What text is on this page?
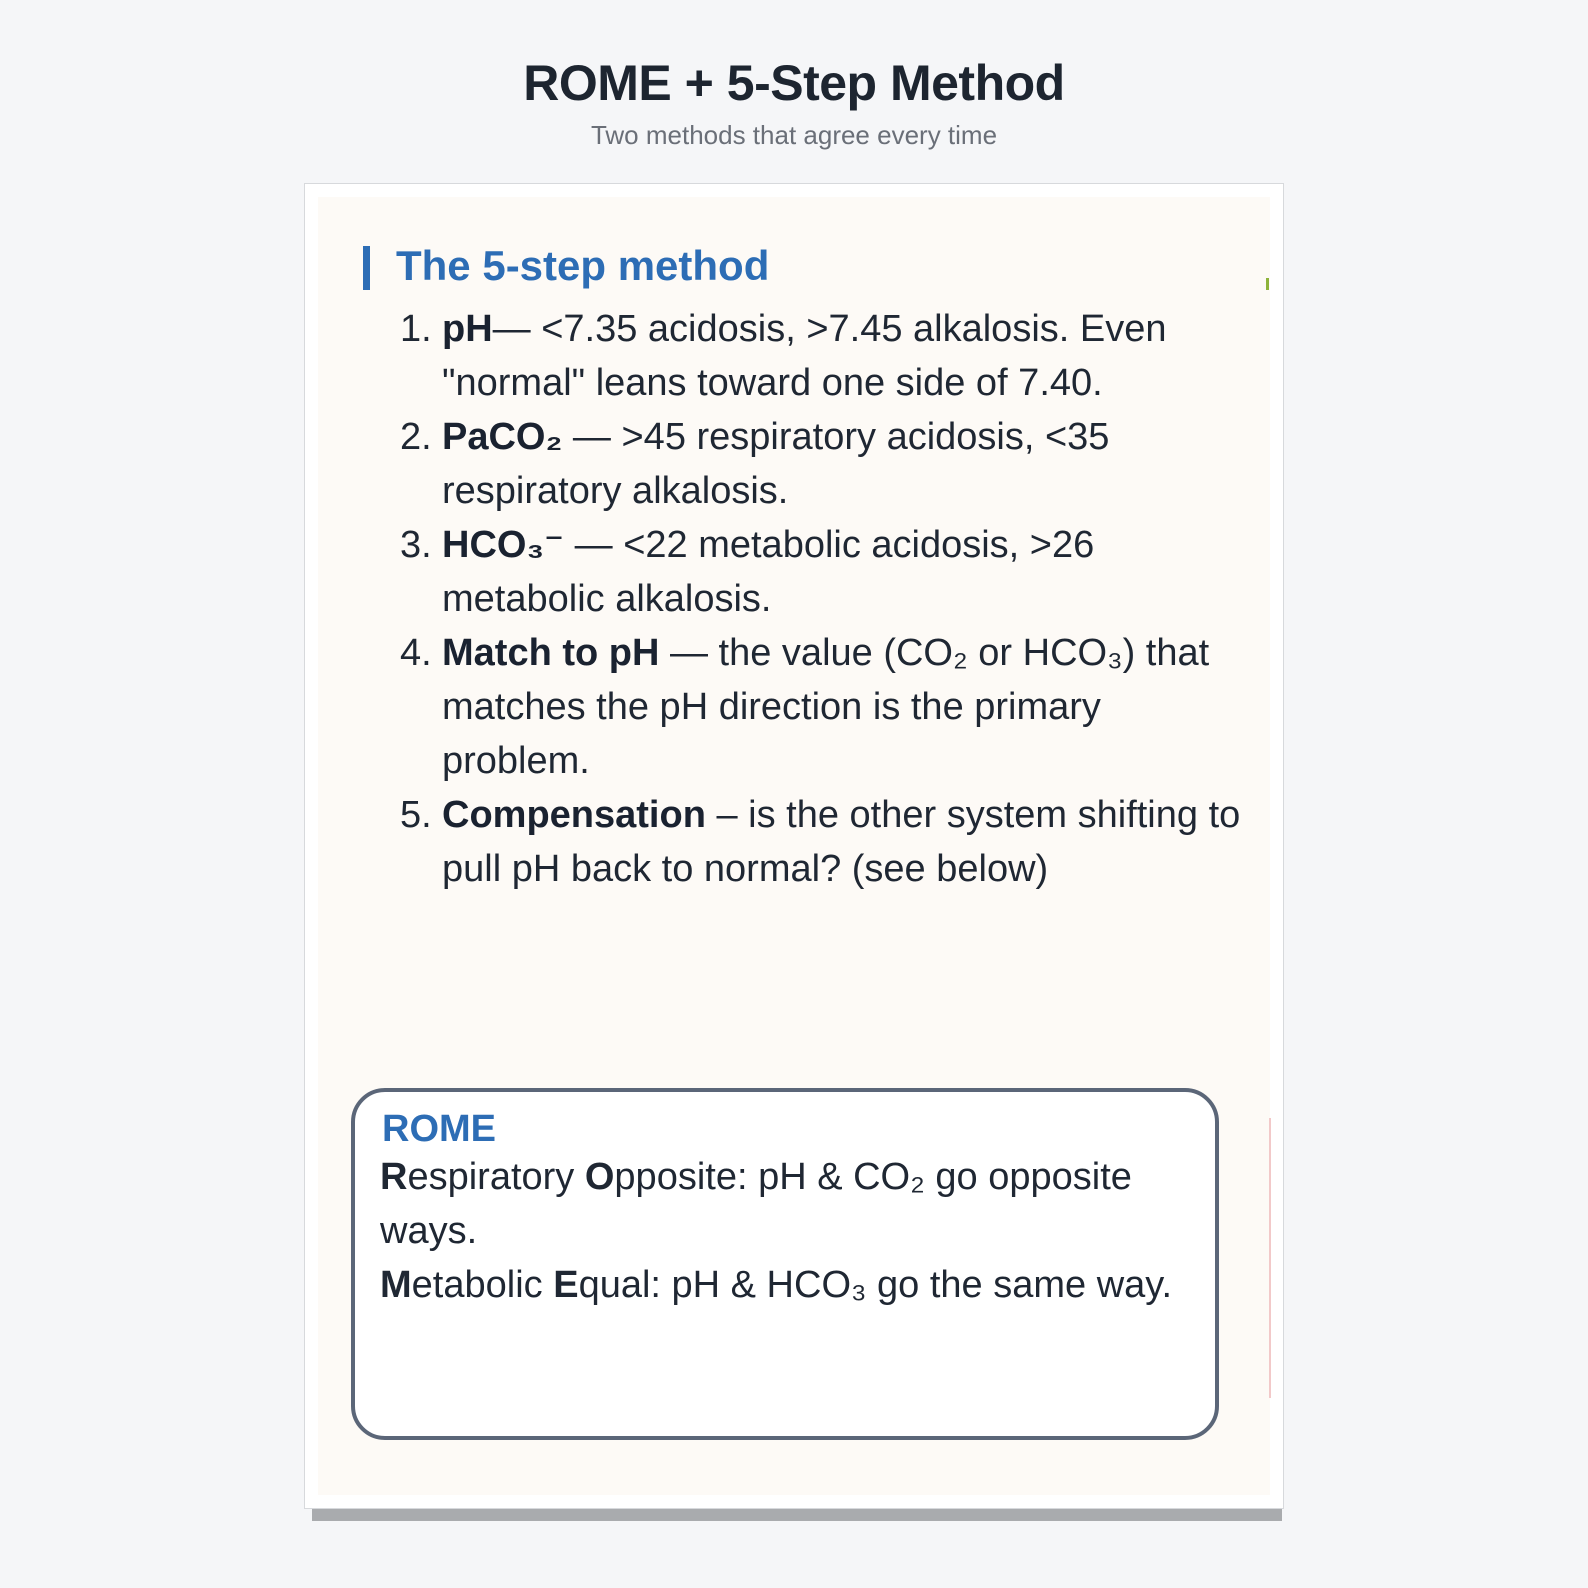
ROME + 5-Step Method
Two methods that agree every time
The 5-step method
1. pH— <7.35 acidosis, >7.45 alkalosis. Even "normal" leans toward one side of 7.40.
2. PaCO₂ — >45 respiratory acidosis, <35 respiratory alkalosis.
3. HCO₃⁻ — <22 metabolic acidosis, >26 metabolic alkalosis.
4. Match to pH — the value (CO₂ or HCO₃) that matches the pH direction is the primary problem.
5. Compensation – is the other system shifting to pull pH back to normal? (see below)
ROME
Respiratory Opposite: pH & CO₂ go opposite ways.
Metabolic Equal: pH & HCO₃ go the same way.
